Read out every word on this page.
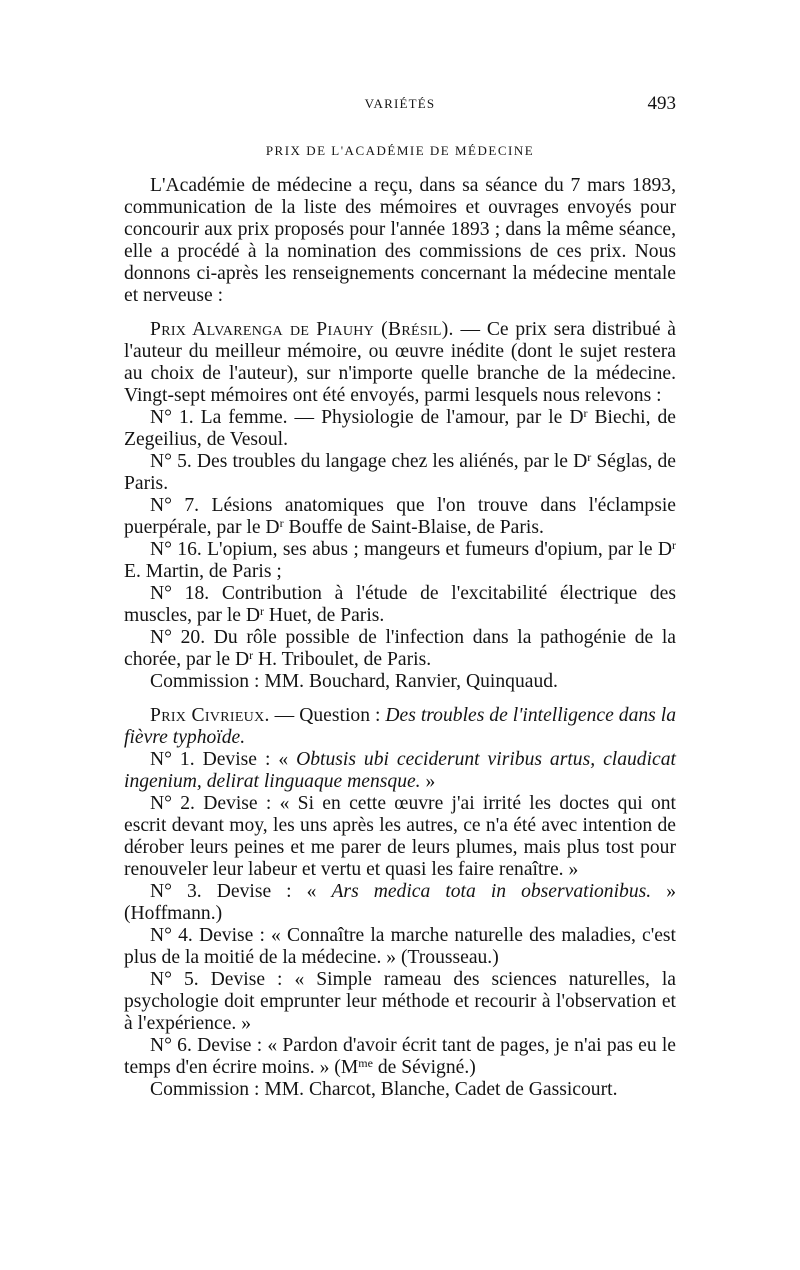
VARIÉTÉS	493
PRIX DE L'ACADÉMIE DE MÉDECINE

L'Académie de médecine a reçu, dans sa séance du 7 mars 1893, communication de la liste des mémoires et ouvrages envoyés pour concourir aux prix proposés pour l'année 1893 ; dans la même séance, elle a procédé à la nomination des commissions de ces prix. Nous donnons ci-après les renseignements concernant la médecine mentale et nerveuse :

Prix Alvarenga de Piauhy (Brésil). — Ce prix sera distribué à l'auteur du meilleur mémoire, ou œuvre inédite (dont le sujet restera au choix de l'auteur), sur n'importe quelle branche de la médecine. Vingt-sept mémoires ont été envoyés, parmi lesquels nous relevons :

N° 1. La femme. — Physiologie de l'amour, par le $D^r$ Biechi, de Zegeilius, de Vesoul.

N° 5. Des troubles du langage chez les aliénés, par le $D^r$ Séglas, de Paris.

N° 7. Lésions anatomiques que l'on trouve dans l'éclampsie puerpérale, par le $D^r$ Bouffe de Saint-Blaise, de Paris.

N° 16. L'opium, ses abus ; mangeurs et fumeurs d'opium, par le $D^r$ E. Martin, de Paris ;

N° 18. Contribution à l'étude de l'excitabilité électrique des muscles, par le $D^r$ Huet, de Paris.

N° 20. Du rôle possible de l'infection dans la pathogénie de la chorée, par le $D^r$ H. Triboulet, de Paris.

Commission : MM. Bouchard, Ranvier, Quinquaud.

Prix Civrieux. — Question : Des troubles de l'intelligence dans la fièvre typhoïde.

N° 1. Devise : « Obtusis ubi ceciderunt viribus artus, claudicat ingenium, delirat linguaque mensque. »

N° 2. Devise : « Si en cette œuvre j'ai irrité les doctes qui ont escrit devant moy, les uns après les autres, ce n'a été avec intention de dérober leurs peines et me parer de leurs plumes, mais plus tost pour renouveler leur labeur et vertu et quasi les faire renaître. »

N° 3. Devise : « Ars medica tota in observationibus. » (Hoffmann.)

N° 4. Devise : « Connaître la marche naturelle des maladies, c'est plus de la moitié de la médecine. » (Trousseau.)

N° 5. Devise : « Simple rameau des sciences naturelles, la psychologie doit emprunter leur méthode et recourir à l'observation et à l'expérience. »

N° 6. Devise : « Pardon d'avoir écrit tant de pages, je n'ai pas eu le temps d'en écrire moins. » ($M^{me}$ de Sévigné.)

Commission : MM. Charcot, Blanche, Cadet de Gassicourt.
